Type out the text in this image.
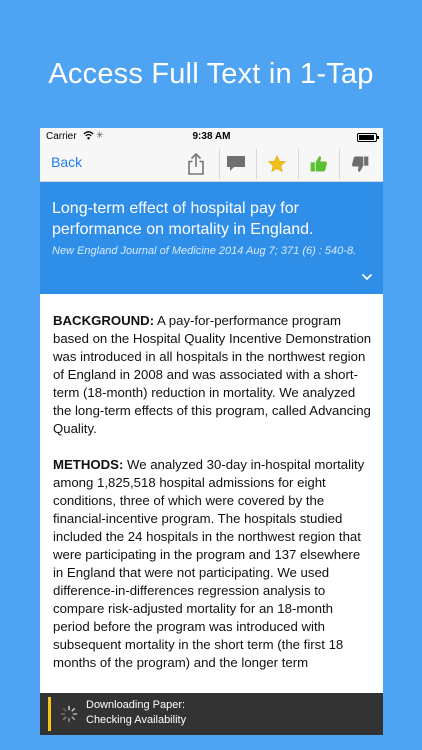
Access Full Text in 1-Tap
Carrier ✳	9:38 AM
Back
Long-term effect of hospital pay for performance on mortality in England.
New England Journal of Medicine 2014 Aug 7; 371 (6) : 540-8.

BACKGROUND: A pay-for-performance program based on the Hospital Quality Incentive Demonstration was introduced in all hospitals in the northwest region of England in 2008 and was associated with a short-term (18-month) reduction in mortality. We analyzed the long-term effects of this program, called Advancing Quality.

METHODS: We analyzed 30-day in-hospital mortality among 1,825,518 hospital admissions for eight conditions, three of which were covered by the financial-incentive program. The hospitals studied included the 24 hospitals in the northwest region that were participating in the program and 137 elsewhere in England that were not participating. We used difference-in-differences regression analysis to compare risk-adjusted mortality for an 18-month period before the program was introduced with subsequent mortality in the short term (the first 18 months of the program) and the longer term

Downloading Paper:
Checking Availability
